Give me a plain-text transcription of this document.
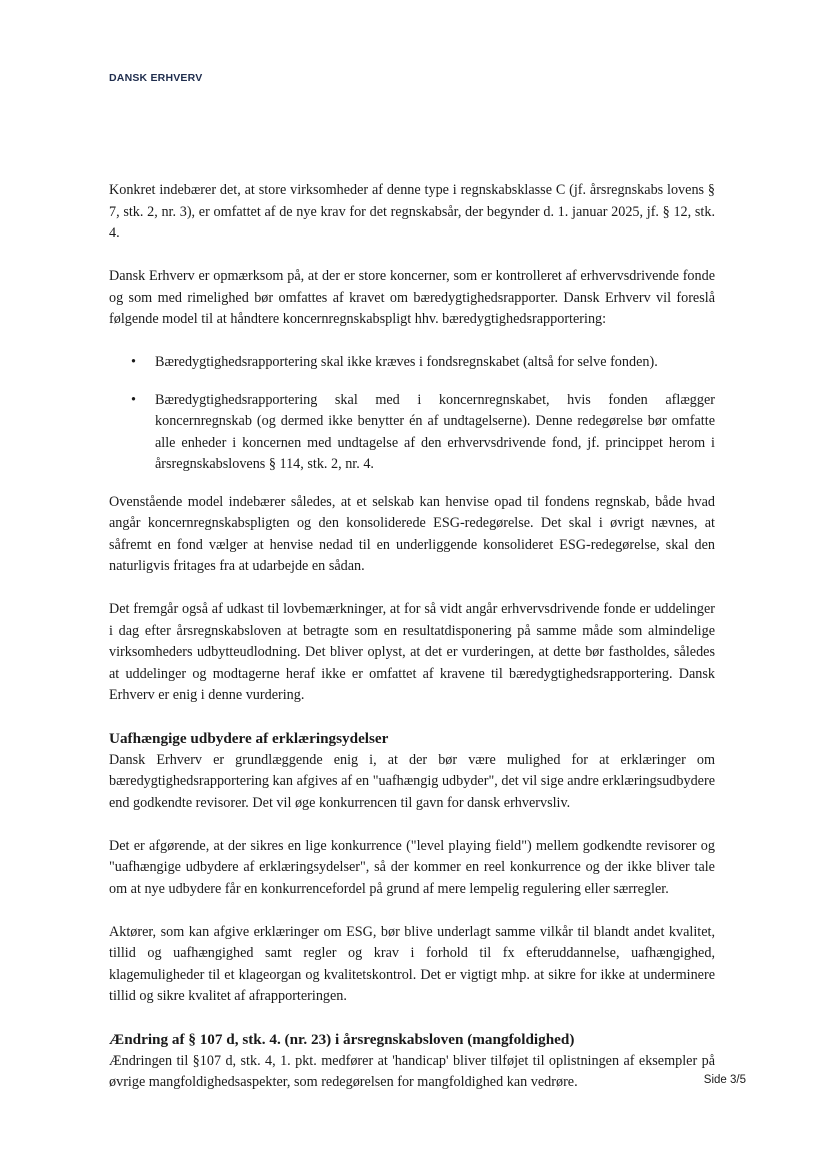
DANSK ERHVERV

Konkret indebærer det, at store virksomheder af denne type i regnskabsklasse C (jf. årsregnskabs lovens § 7, stk. 2, nr. 3), er omfattet af de nye krav for det regnskabsår, der begynder d. 1. januar 2025, jf. § 12, stk. 4.

Dansk Erhverv er opmærksom på, at der er store koncerner, som er kontrolleret af erhvervsdrivende fonde og som med rimelighed bør omfattes af kravet om bæredygtighedsrapporter. Dansk Erhverv vil foreslå følgende model til at håndtere koncernregnskabspligt hhv. bæredygtighedsrapportering:

• Bæredygtighedsrapportering skal ikke kræves i fondsregnskabet (altså for selve fonden).
• Bæredygtighedsrapportering skal med i koncernregnskabet, hvis fonden aflægger koncernregnskab (og dermed ikke benytter én af undtagelserne). Denne redegørelse bør omfatte alle enheder i koncernen med undtagelse af den erhvervsdrivende fond, jf. princippet herom i årsregnskabslovens § 114, stk. 2, nr. 4.

Ovenstående model indebærer således, at et selskab kan henvise opad til fondens regnskab, både hvad angår koncernregnskabspligten og den konsoliderede ESG-redegørelse. Det skal i øvrigt nævnes, at såfremt en fond vælger at henvise nedad til en underliggende konsolideret ESG-redegørelse, skal den naturligvis fritages fra at udarbejde en sådan.

Det fremgår også af udkast til lovbemærkninger, at for så vidt angår erhvervsdrivende fonde er uddelinger i dag efter årsregnskabsloven at betragte som en resultatdisponering på samme måde som almindelige virksomheders udbytteudlodning. Det bliver oplyst, at det er vurderingen, at dette bør fastholdes, således at uddelinger og modtagerne heraf ikke er omfattet af kravene til bæredygtighedsrapportering. Dansk Erhverv er enig i denne vurdering.

Uafhængige udbydere af erklæringsydelser

Dansk Erhverv er grundlæggende enig i, at der bør være mulighed for at erklæringer om bæredygtighedsrapportering kan afgives af en "uafhængig udbyder", det vil sige andre erklæringsudbydere end godkendte revisorer. Det vil øge konkurrencen til gavn for dansk erhvervsliv.

Det er afgørende, at der sikres en lige konkurrence ("level playing field") mellem godkendte revisorer og "uafhængige udbydere af erklæringsydelser", så der kommer en reel konkurrence og der ikke bliver tale om at nye udbydere får en konkurrencefordel på grund af mere lempelig regulering eller særregler.

Aktører, som kan afgive erklæringer om ESG, bør blive underlagt samme vilkår til blandt andet kvalitet, tillid og uafhængighed samt regler og krav i forhold til fx efteruddannelse, uafhængighed, klagemuligheder til et klageorgan og kvalitetskontrol. Det er vigtigt mhp. at sikre for ikke at underminere tillid og sikre kvalitet af afrapporteringen.

Ændring af § 107 d, stk. 4. (nr. 23) i årsregnskabsloven (mangfoldighed)

Ændringen til §107 d, stk. 4, 1. pkt. medfører at 'handicap' bliver tilføjet til oplistningen af eksempler på øvrige mangfoldighedsaspekter, som redegørelsen for mangfoldighed kan vedrøre.	Side 3/5
